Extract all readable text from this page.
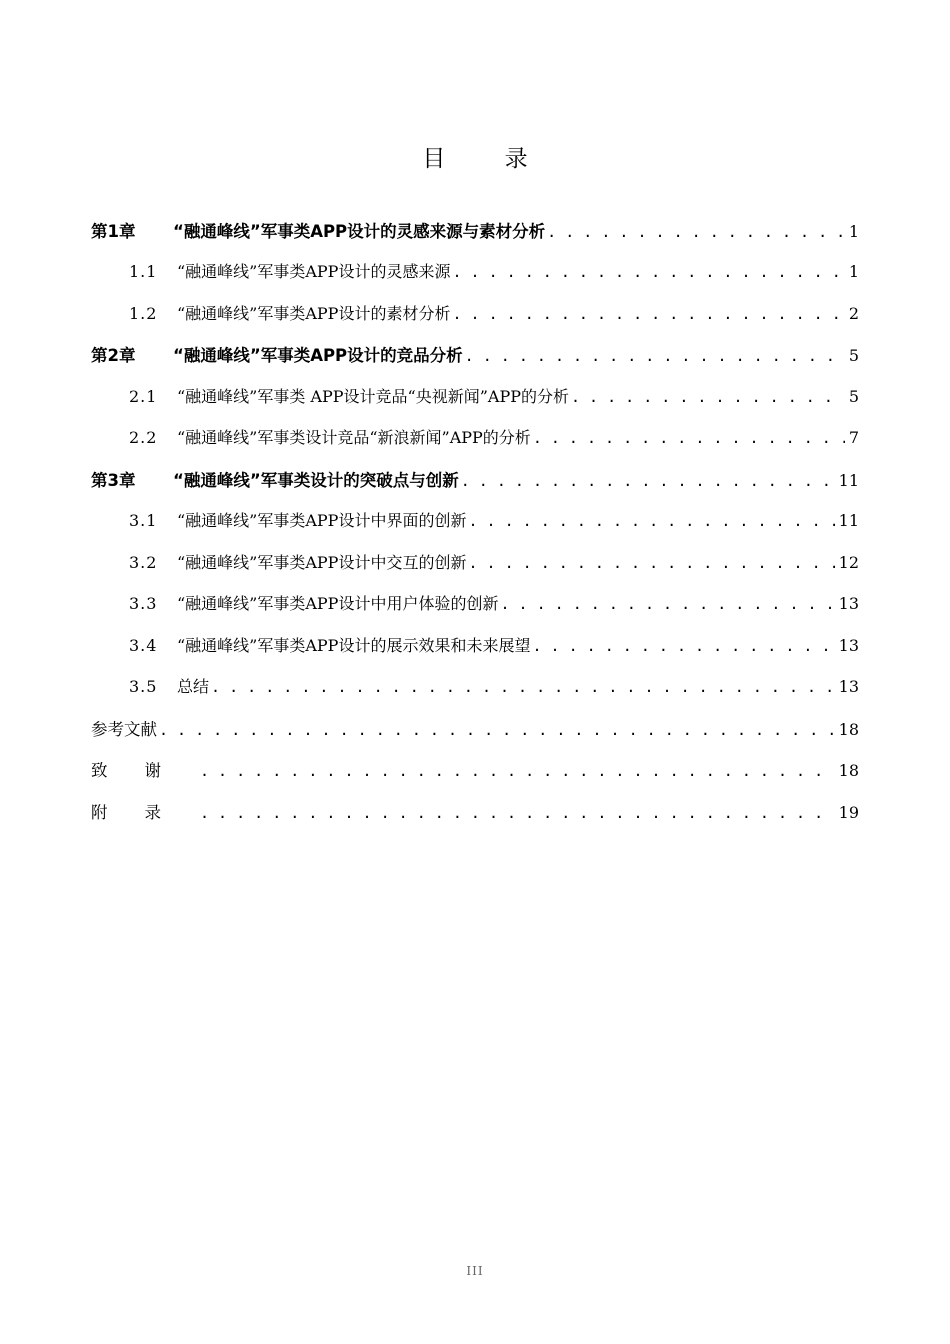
目 录
第1章	“融通峰线”军事类APP设计的灵感来源与素材分析 . . .	1
1.1	“融通峰线”军事类APP设计的灵感来源 . . .	1
1.2	“融通峰线”军事类APP设计的素材分析 . . .	2
第2章	“融通峰线”军事类APP设计的竞品分析 . . .	5
2.1	“融通峰线”军事类 APP设计竞品“央视新闻”APP的分析 . . .	5
2.2	“融通峰线”军事类设计竞品“新浪新闻”APP的分析 . . .	7
第3章	“融通峰线”军事类设计的突破点与创新 . . .	11
3.1	“融通峰线”军事类APP设计中界面的创新 . . .	11
3.2	“融通峰线”军事类APP设计中交互的创新 . . .	12
3.3	“融通峰线”军事类APP设计中用户体验的创新 . . .	13
3.4	“融通峰线”军事类APP设计的展示效果和未来展望 . . .	13
3.5	总结 . . .	13
参考文献 . . .	18
致谢 . . .	18
附录 . . .	19
III
